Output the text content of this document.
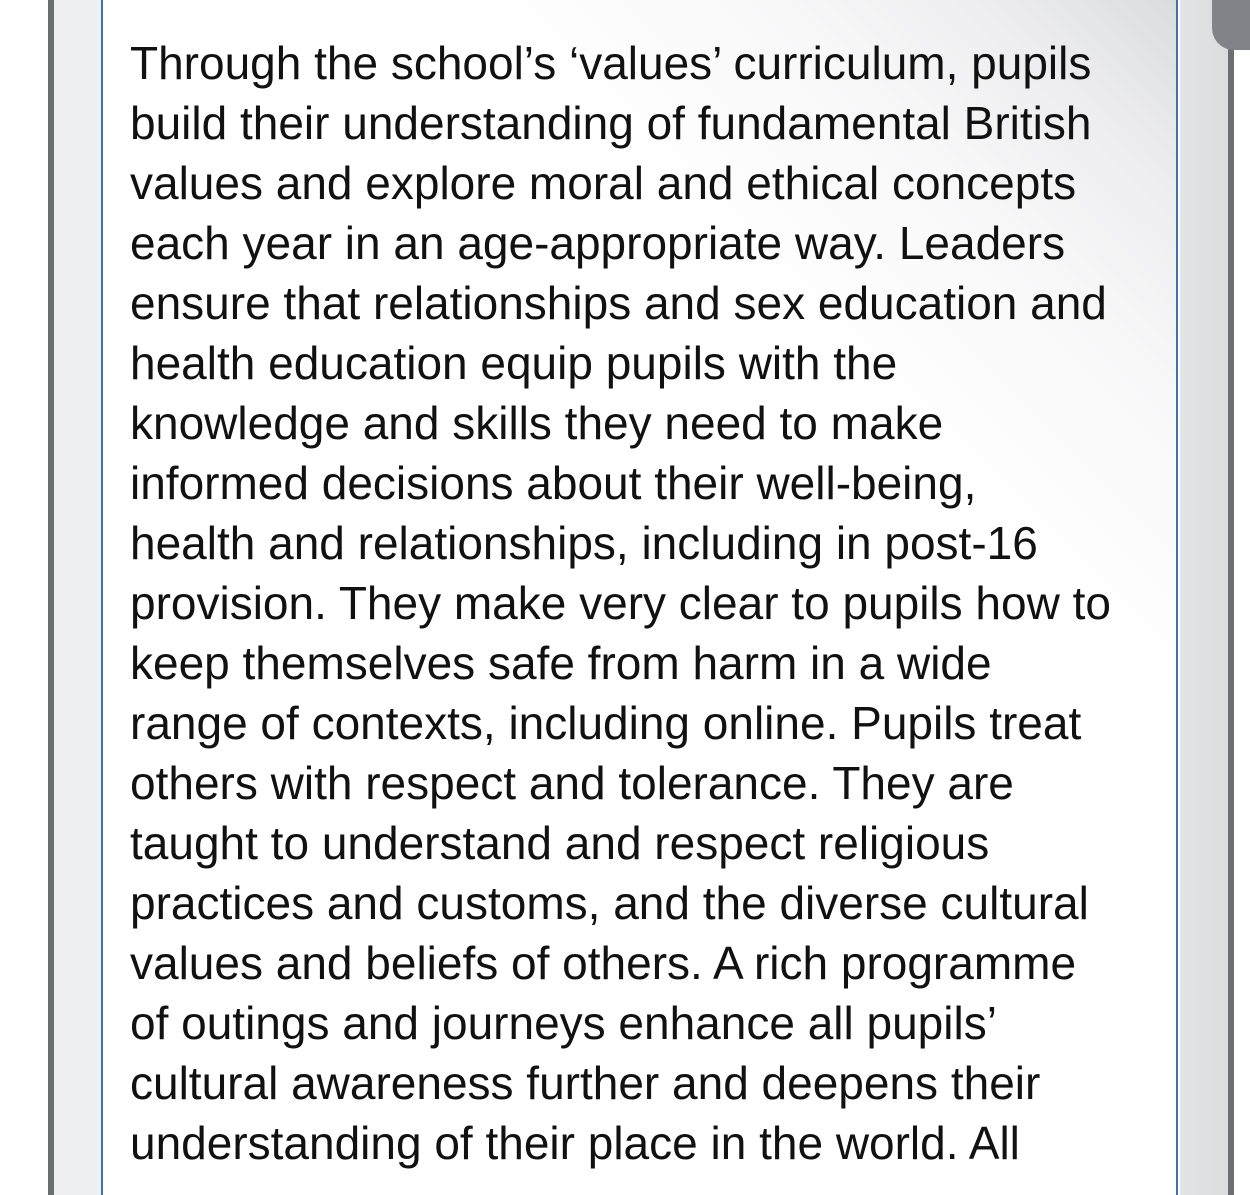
Through the school’s ‘values’ curriculum, pupils
build their understanding of fundamental British
values and explore moral and ethical concepts
each year in an age-appropriate way. Leaders
ensure that relationships and sex education and
health education equip pupils with the
knowledge and skills they need to make
informed decisions about their well-being,
health and relationships, including in post-16
provision. They make very clear to pupils how to
keep themselves safe from harm in a wide
range of contexts, including online. Pupils treat
others with respect and tolerance. They are
taught to understand and respect religious
practices and customs, and the diverse cultural
values and beliefs of others. A rich programme
of outings and journeys enhance all pupils’
cultural awareness further and deepens their
understanding of their place in the world. All
